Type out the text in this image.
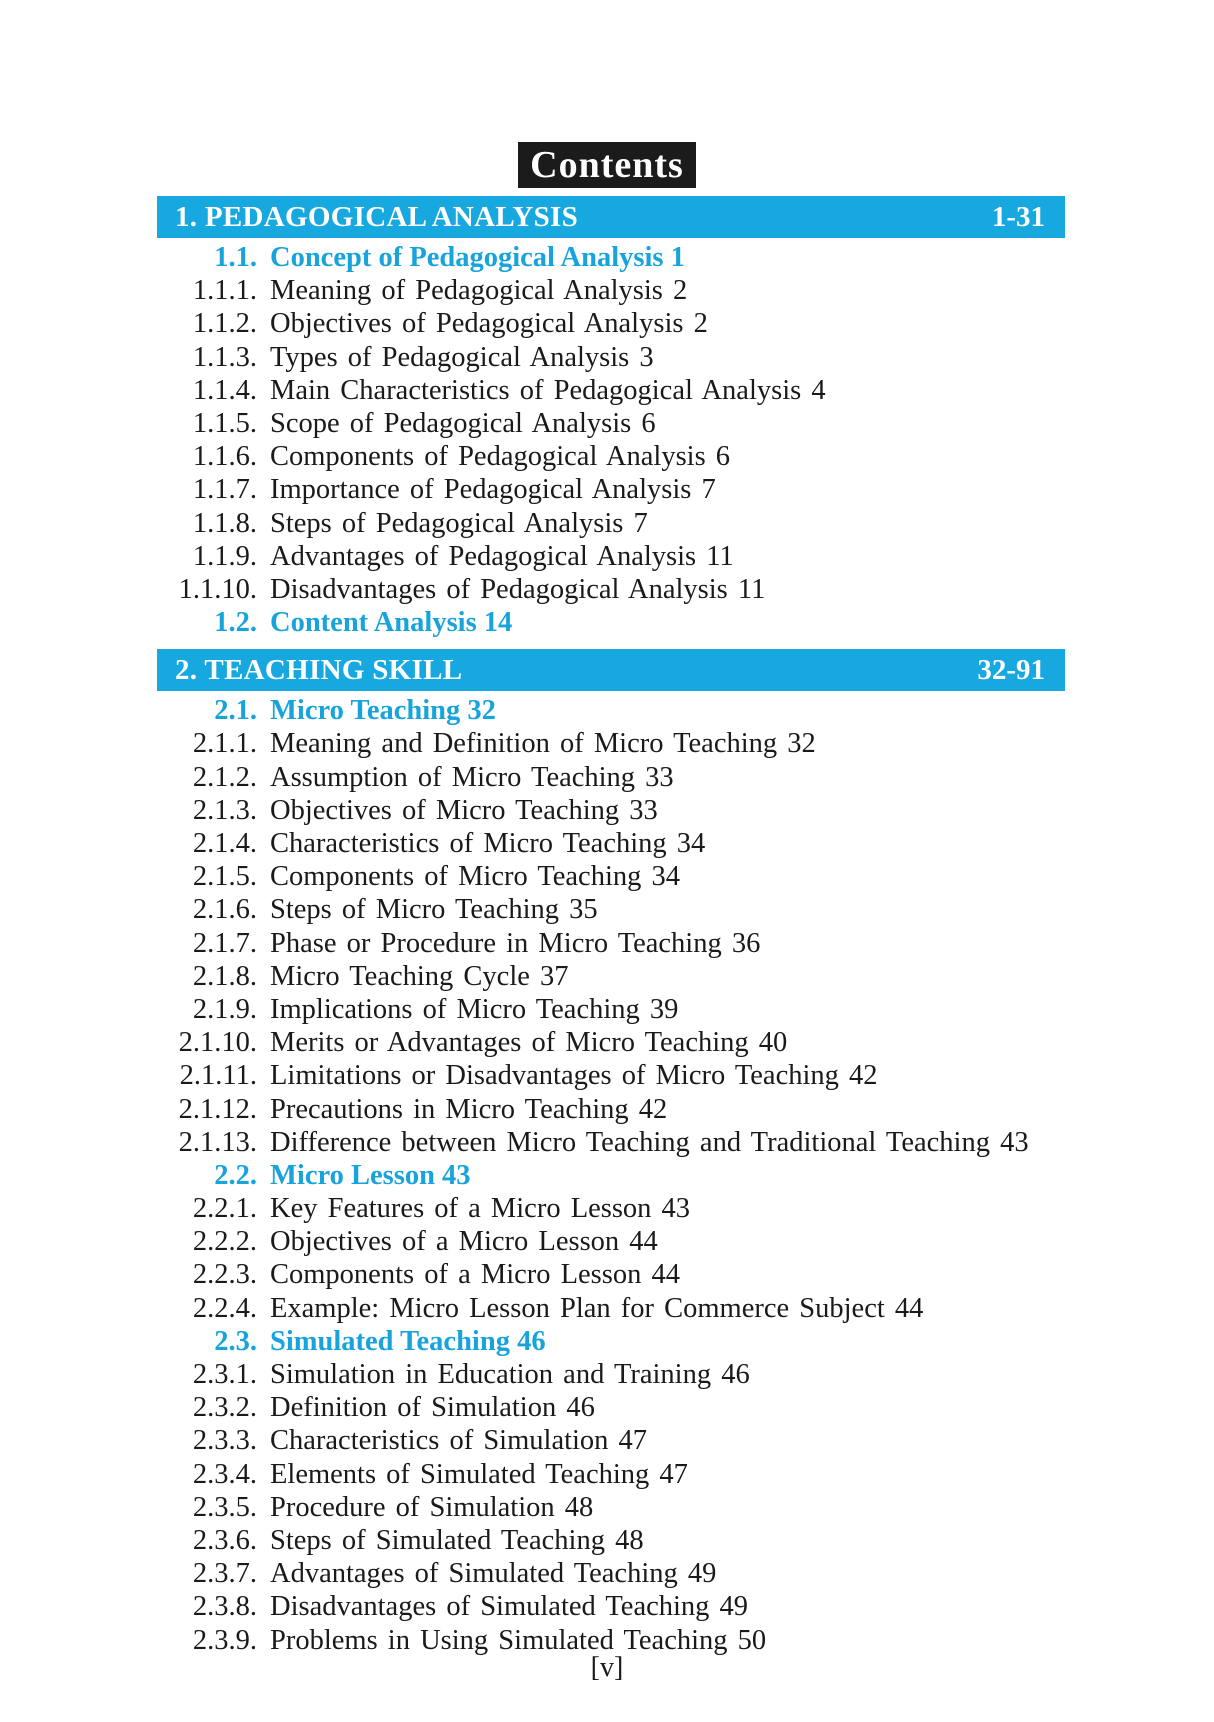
Contents
1. PEDAGOGICAL ANALYSIS	1-31
1.1. Concept of Pedagogical Analysis 1
1.1.1. Meaning of Pedagogical Analysis 2
1.1.2. Objectives of Pedagogical Analysis 2
1.1.3. Types of Pedagogical Analysis 3
1.1.4. Main Characteristics of Pedagogical Analysis 4
1.1.5. Scope of Pedagogical Analysis 6
1.1.6. Components of Pedagogical Analysis 6
1.1.7. Importance of Pedagogical Analysis 7
1.1.8. Steps of Pedagogical Analysis 7
1.1.9. Advantages of Pedagogical Analysis 11
1.1.10. Disadvantages of Pedagogical Analysis 11
1.2. Content Analysis 14
2. TEACHING SKILL	32-91
2.1. Micro Teaching 32
2.1.1. Meaning and Definition of Micro Teaching 32
2.1.2. Assumption of Micro Teaching 33
2.1.3. Objectives of Micro Teaching 33
2.1.4. Characteristics of Micro Teaching 34
2.1.5. Components of Micro Teaching 34
2.1.6. Steps of Micro Teaching 35
2.1.7. Phase or Procedure in Micro Teaching 36
2.1.8. Micro Teaching Cycle 37
2.1.9. Implications of Micro Teaching 39
2.1.10. Merits or Advantages of Micro Teaching 40
2.1.11. Limitations or Disadvantages of Micro Teaching 42
2.1.12. Precautions in Micro Teaching 42
2.1.13. Difference between Micro Teaching and Traditional Teaching 43
2.2. Micro Lesson 43
2.2.1. Key Features of a Micro Lesson 43
2.2.2. Objectives of a Micro Lesson 44
2.2.3. Components of a Micro Lesson 44
2.2.4. Example: Micro Lesson Plan for Commerce Subject 44
2.3. Simulated Teaching 46
2.3.1. Simulation in Education and Training 46
2.3.2. Definition of Simulation 46
2.3.3. Characteristics of Simulation 47
2.3.4. Elements of Simulated Teaching 47
2.3.5. Procedure of Simulation 48
2.3.6. Steps of Simulated Teaching 48
2.3.7. Advantages of Simulated Teaching 49
2.3.8. Disadvantages of Simulated Teaching 49
2.3.9. Problems in Using Simulated Teaching 50
[v]
